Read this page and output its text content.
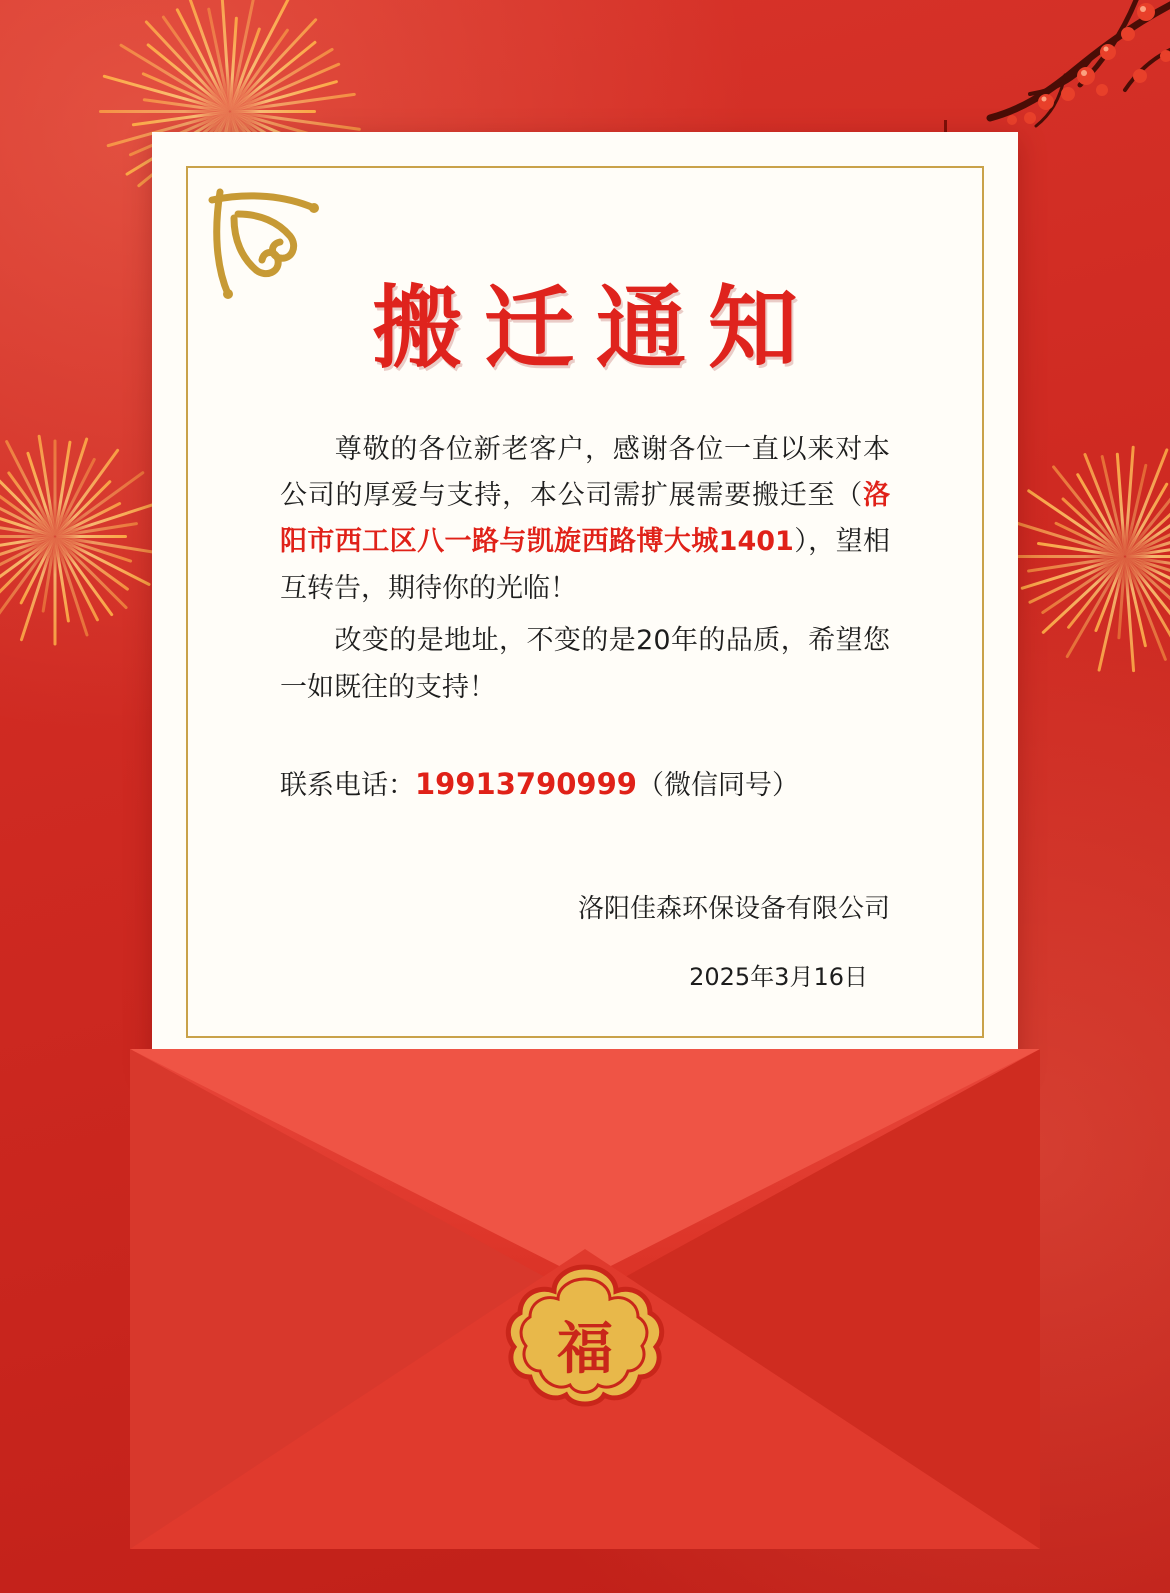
搬迁通知

尊敬的各位新老客户，感谢各位一直以来对本公司的厚爱与支持，本公司需扩展需要搬迁至（洛阳市西工区八一路与凯旋西路博大城1401），望相互转告，期待你的光临！

改变的是地址，不变的是20年的品质，希望您一如既往的支持！

联系电话：19913790999（微信同号）

洛阳佳森环保设备有限公司

2025年3月16日

福
